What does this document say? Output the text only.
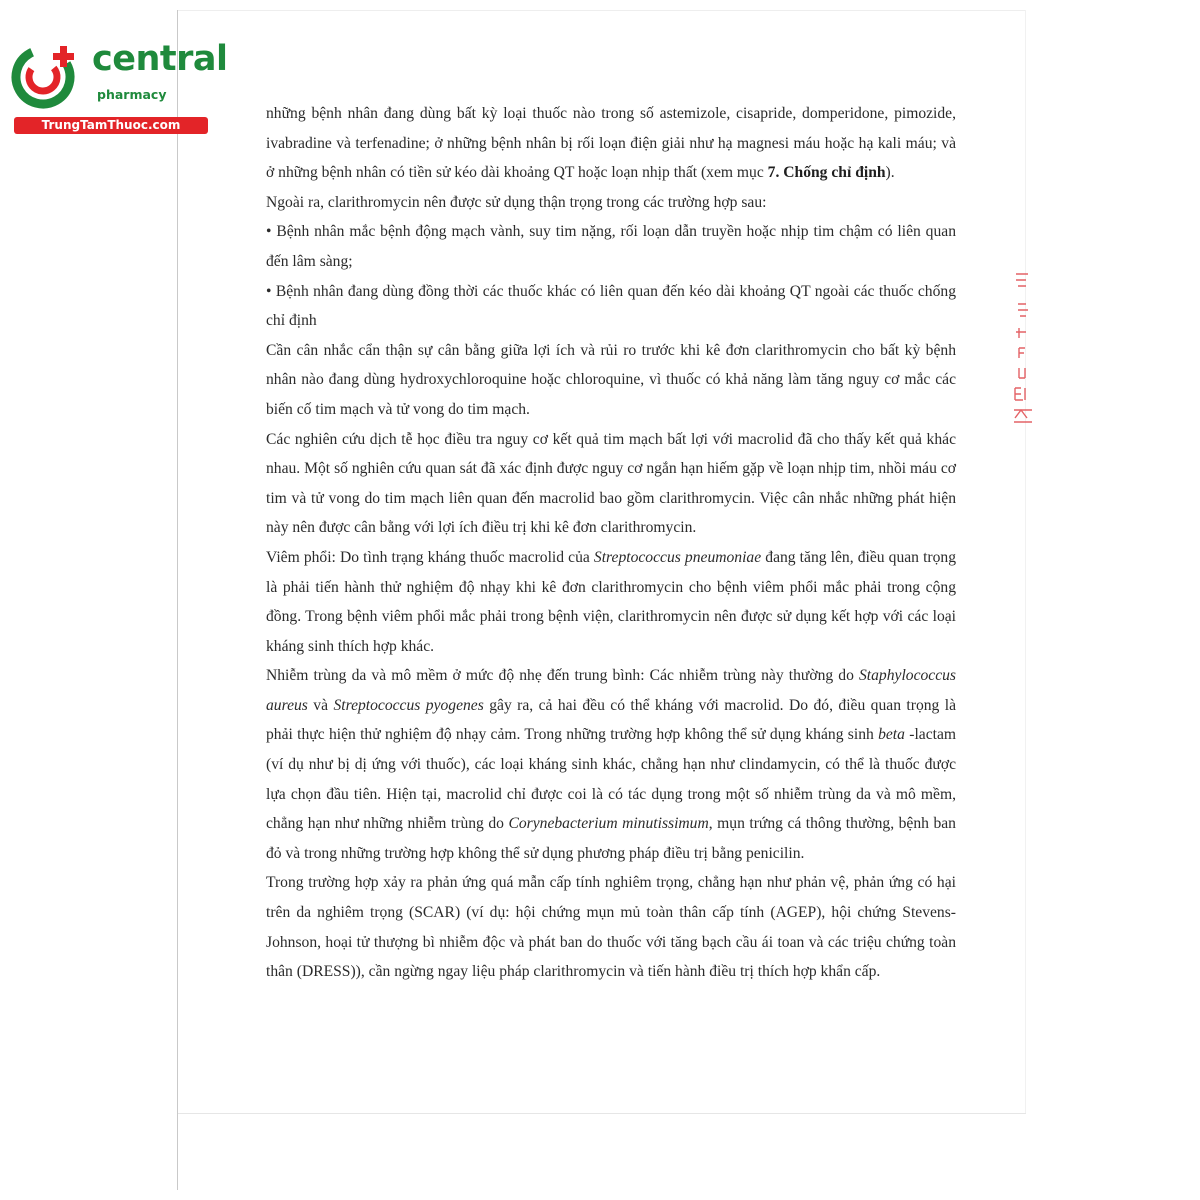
central
pharmacy
TrungTamThuoc.com

những bệnh nhân đang dùng bất kỳ loại thuốc nào trong số astemizole, cisapride, domperidone, pimozide, ivabradine và terfenadine; ở những bệnh nhân bị rối loạn điện giải như hạ magnesi máu hoặc hạ kali máu; và ở những bệnh nhân có tiền sử kéo dài khoảng QT hoặc loạn nhịp thất (xem mục 7. Chống chỉ định).

Ngoài ra, clarithromycin nên được sử dụng thận trọng trong các trường hợp sau:

• Bệnh nhân mắc bệnh động mạch vành, suy tim nặng, rối loạn dẫn truyền hoặc nhịp tim chậm có liên quan đến lâm sàng;

• Bệnh nhân đang dùng đồng thời các thuốc khác có liên quan đến kéo dài khoảng QT ngoài các thuốc chống chỉ định

Cần cân nhắc cẩn thận sự cân bằng giữa lợi ích và rủi ro trước khi kê đơn clarithromycin cho bất kỳ bệnh nhân nào đang dùng hydroxychloroquine hoặc chloroquine, vì thuốc có khả năng làm tăng nguy cơ mắc các biến cố tim mạch và tử vong do tim mạch.

Các nghiên cứu dịch tễ học điều tra nguy cơ kết quả tim mạch bất lợi với macrolid đã cho thấy kết quả khác nhau. Một số nghiên cứu quan sát đã xác định được nguy cơ ngắn hạn hiếm gặp về loạn nhịp tim, nhồi máu cơ tim và tử vong do tim mạch liên quan đến macrolid bao gồm clarithromycin. Việc cân nhắc những phát hiện này nên được cân bằng với lợi ích điều trị khi kê đơn clarithromycin.

Viêm phổi: Do tình trạng kháng thuốc macrolid của Streptococcus pneumoniae đang tăng lên, điều quan trọng là phải tiến hành thử nghiệm độ nhạy khi kê đơn clarithromycin cho bệnh viêm phổi mắc phải trong cộng đồng. Trong bệnh viêm phổi mắc phải trong bệnh viện, clarithromycin nên được sử dụng kết hợp với các loại kháng sinh thích hợp khác.

Nhiễm trùng da và mô mềm ở mức độ nhẹ đến trung bình: Các nhiễm trùng này thường do Staphylococcus aureus và Streptococcus pyogenes gây ra, cả hai đều có thể kháng với macrolid. Do đó, điều quan trọng là phải thực hiện thử nghiệm độ nhạy cảm. Trong những trường hợp không thể sử dụng kháng sinh beta -lactam (ví dụ như bị dị ứng với thuốc), các loại kháng sinh khác, chẳng hạn như clindamycin, có thể là thuốc được lựa chọn đầu tiên. Hiện tại, macrolid chỉ được coi là có tác dụng trong một số nhiễm trùng da và mô mềm, chẳng hạn như những nhiễm trùng do Corynebacterium minutissimum, mụn trứng cá thông thường, bệnh ban đỏ và trong những trường hợp không thể sử dụng phương pháp điều trị bằng penicilin.

Trong trường hợp xảy ra phản ứng quá mẫn cấp tính nghiêm trọng, chẳng hạn như phản vệ, phản ứng có hại trên da nghiêm trọng (SCAR) (ví dụ: hội chứng mụn mủ toàn thân cấp tính (AGEP), hội chứng Stevens-Johnson, hoại tử thượng bì nhiễm độc và phát ban do thuốc với tăng bạch cầu ái toan và các triệu chứng toàn thân (DRESS)), cần ngừng ngay liệu pháp clarithromycin và tiến hành điều trị thích hợp khẩn cấp.
